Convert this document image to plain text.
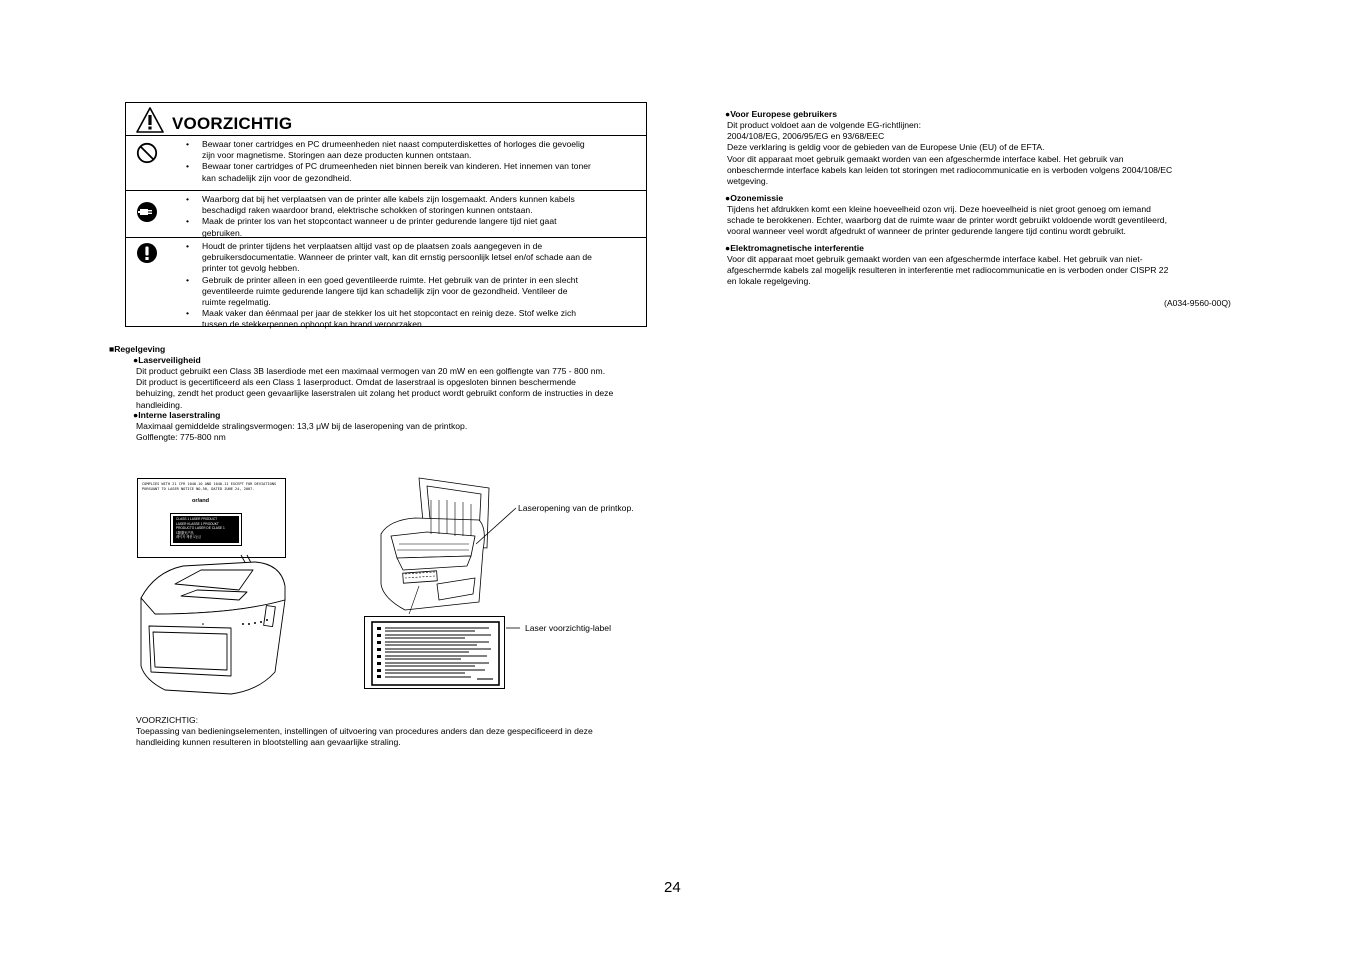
VOORZICHTIG
• Bewaar toner cartridges en PC drumeenheden niet naast computerdiskettes of horloges die gevoelig
zijn voor magnetisme. Storingen aan deze producten kunnen ontstaan.
• Bewaar toner cartridges of PC drumeenheden niet binnen bereik van kinderen. Het innemen van toner
kan schadelijk zijn voor de gezondheid.
• Waarborg dat bij het verplaatsen van de printer alle kabels zijn losgemaakt. Anders kunnen kabels
beschadigd raken waardoor brand, elektrische schokken of storingen kunnen ontstaan.
• Maak de printer los van het stopcontact wanneer u de printer gedurende langere tijd niet gaat
gebruiken.
• Houdt de printer tijdens het verplaatsen altijd vast op de plaatsen zoals aangegeven in de
gebruikersdocumentatie. Wanneer de printer valt, kan dit ernstig persoonlijk letsel en/of schade aan de
printer tot gevolg hebben.
• Gebruik de printer alleen in een goed geventileerde ruimte. Het gebruik van de printer in een slecht
geventileerde ruimte gedurende langere tijd kan schadelijk zijn voor de gezondheid. Ventileer de
ruimte regelmatig.
• Maak vaker dan éénmaal per jaar de stekker los uit het stopcontact en reinig deze. Stof welke zich
tussen de stekkerpennen ophoopt kan brand veroorzaken.
■Regelgeving
●Laserveiligheid
Dit product gebruikt een Class 3B laserdiode met een maximaal vermogen van 20 mW en een golflengte van 775 - 800 nm.
Dit product is gecertificeerd als een Class 1 laserproduct. Omdat de laserstraal is opgesloten binnen beschermende
behuizing, zendt het product geen gevaarlijke laserstralen uit zolang het product wordt gebruikt conform de instructies in deze
handleiding.
●Interne laserstraling
Maximaal gemiddelde stralingsvermogen: 13,3 μW bij de laseropening van de printkop.
Golflengte: 775-800 nm
COMPLIES WITH 21 CFR 1040.10 AND 1040.11 EXCEPT FOR DEVIATIONS PURSUANT TO LASER NOTICE NO.50, DATED JUNE 24, 2007.
or/and
CLASS 1 LASER PRODUCT
LASER KLASSE 1 PRODUKT
PRODUCTO LASER DE CLASE 1
1類激光产品
레이저 제품 1등급
Laseropening van de printkop.
Laser voorzichtig-label
VOORZICHTIG:
Toepassing van bedieningselementen, instellingen of uitvoering van procedures anders dan deze gespecificeerd in deze
handleiding kunnen resulteren in blootstelling aan gevaarlijke straling.
●Voor Europese gebruikers
Dit product voldoet aan de volgende EG-richtlijnen:
2004/108/EG, 2006/95/EG en 93/68/EEC
Deze verklaring is geldig voor de gebieden van de Europese Unie (EU) of de EFTA.
Voor dit apparaat moet gebruik gemaakt worden van een afgeschermde interface kabel. Het gebruik van
onbeschermde interface kabels kan leiden tot storingen met radiocommunicatie en is verboden volgens 2004/108/EC
wetgeving.
●Ozonemissie
Tijdens het afdrukken komt een kleine hoeveelheid ozon vrij. Deze hoeveelheid is niet groot genoeg om iemand
schade te berokkenen. Echter, waarborg dat de ruimte waar de printer wordt gebruikt voldoende wordt geventileerd,
vooral wanneer veel wordt afgedrukt of wanneer de printer gedurende langere tijd continu wordt gebruikt.
●Elektromagnetische interferentie
Voor dit apparaat moet gebruik gemaakt worden van een afgeschermde interface kabel. Het gebruik van niet-
afgeschermde kabels zal mogelijk resulteren in interferentie met radiocommunicatie en is verboden onder CISPR 22
en lokale regelgeving.
(A034-9560-00Q)
24
